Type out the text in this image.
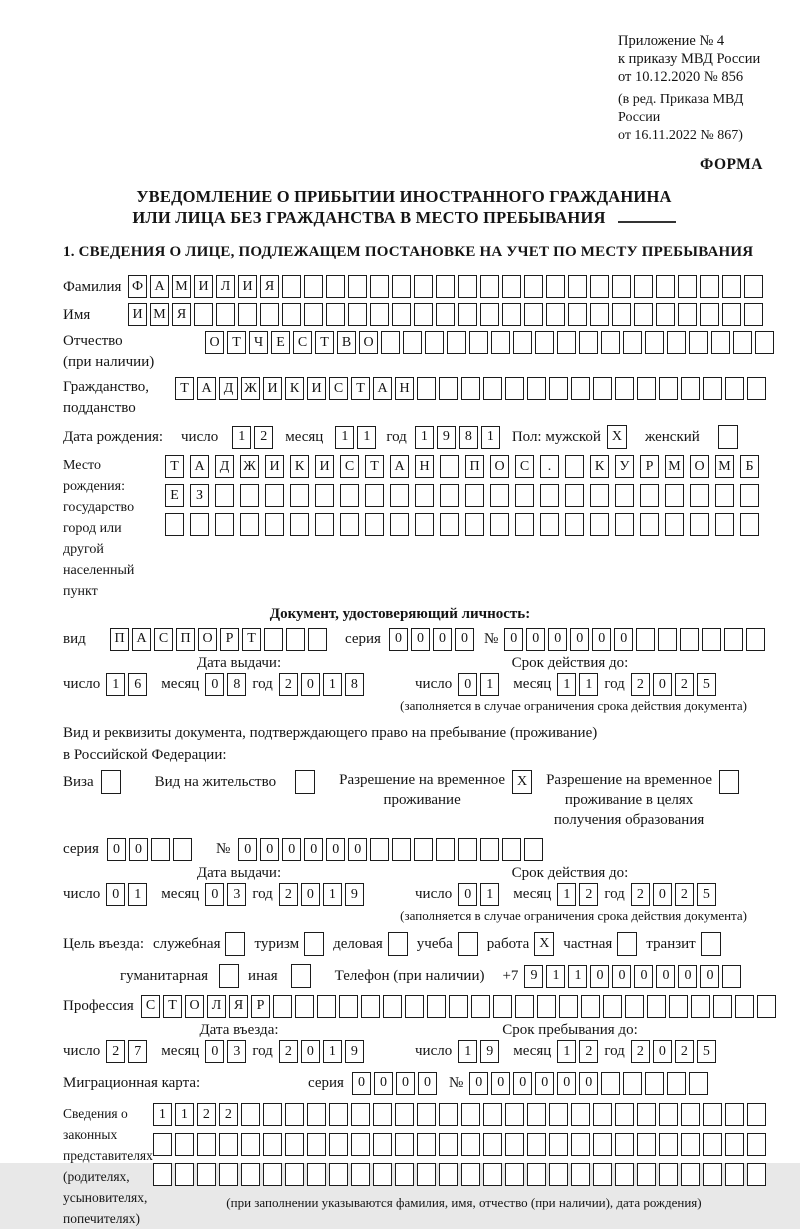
Приложение № 4
к приказу МВД России
от 10.12.2020 № 856
(в ред. Приказа МВД России
от 16.11.2022 № 867)
ФОРМА
УВЕДОМЛЕНИЕ О ПРИБЫТИИ ИНОСТРАННОГО ГРАЖДАНИНА
ИЛИ ЛИЦА БЕЗ ГРАЖДАНСТВА В МЕСТО ПРЕБЫВАНИЯ
1. СВЕДЕНИЯ О ЛИЦЕ, ПОДЛЕЖАЩЕМ ПОСТАНОВКЕ НА УЧЕТ ПО МЕСТУ ПРЕБЫВАНИЯ
Фамилия Ф А М И Л И Я
Имя	И М Я
Отчество
(при наличии)
О Т Ч Е С Т В О
Гражданство,
подданство
Т А Д Ж И К И С Т А Н
Дата рождения:	число	1	2	месяц	1	1	год	1	9	8	1	Пол: мужской X	женский
Место рождения:
государство
город или другой
населенный пункт
Т	А	Д Ж И	К	И	С	Т	А	Н	П	О	С	.	К	У	Р	М О М	Б

Е	З

Документ, удостоверяющий личность:
вид	П А С П О Р Т	серия	0	0	0	0	№ 0	0	0	0	0	0
Дата выдачи:	Срок действия до:
число 1	6	месяц 0	8 год 2	0	1	8	число 0	1	месяц 1	1 год 2	0	2	5
(заполняется в случае ограничения срока действия документа)
Вид и реквизиты документа, подтверждающего право на пребывание (проживание)
в Российской Федерации:
Виза	Вид на жительство	Разрешение на временное
проживание
X	Разрешение на временное
проживание в целях
получения образования
серия	0	0	№	0	0	0	0	0	0
Дата выдачи:	Срок действия до:
число 0	1	месяц 0	3 год 2	0	1	9	число 0	1	месяц 1	2 год 2	0	2	5
(заполняется в случае ограничения срока действия документа)
Цель въезда: служебная туризм деловая учеба работа X частная транзит
гуманитарная	иная	Телефон (при наличии) +7 9	1	1	0	0	0	0	0	0
Профессия С Т О Л Я Р
Дата въезда:	Срок пребывания до:
число 2	7	месяц 0	3 год 2	0	1	9	число 1	9	месяц 1	2 год 2	0	2	5
Миграционная карта:	серия	0	0	0	0	№ 0	0	0	0	0	0
Сведения о
законных
представителях
(родителях,
усыновителях,
попечителях)
1	1	2	2

(при заполнении указываются фамилия, имя, отчество (при наличии), дата рождения)
